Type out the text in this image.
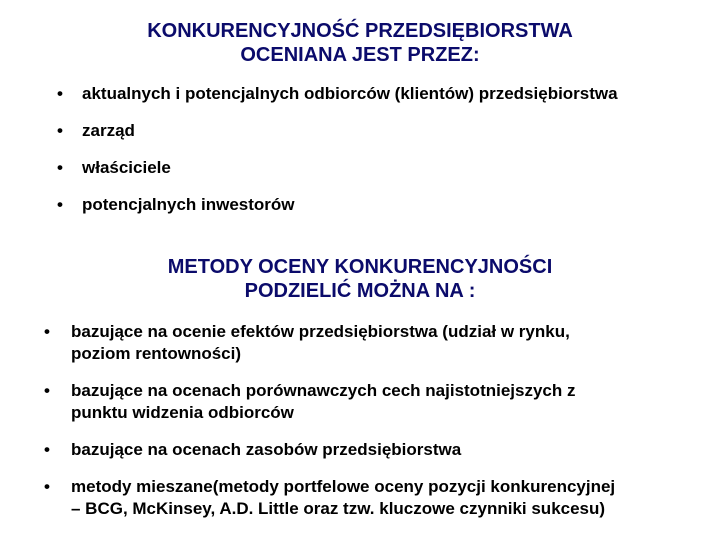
KONKURENCYJNOŚĆ PRZEDSIĘBIORSTWA
OCENIANA JEST PRZEZ:
• aktualnych i potencjalnych odbiorców (klientów) przedsiębiorstwa
• zarząd
• właściciele
• potencjalnych inwestorów
METODY OCENY KONKURENCYJNOŚCI
PODZIELIĆ MOŻNA NA :
• bazujące na ocenie efektów przedsiębiorstwa (udział w rynku,
poziom rentowności)
• bazujące na ocenach porównawczych cech najistotniejszych z
punktu widzenia odbiorców
• bazujące na ocenach zasobów przedsiębiorstwa
• metody mieszane(metody portfelowe oceny pozycji konkurencyjnej
– BCG, McKinsey, A.D. Little oraz tzw. kluczowe czynniki sukcesu)
